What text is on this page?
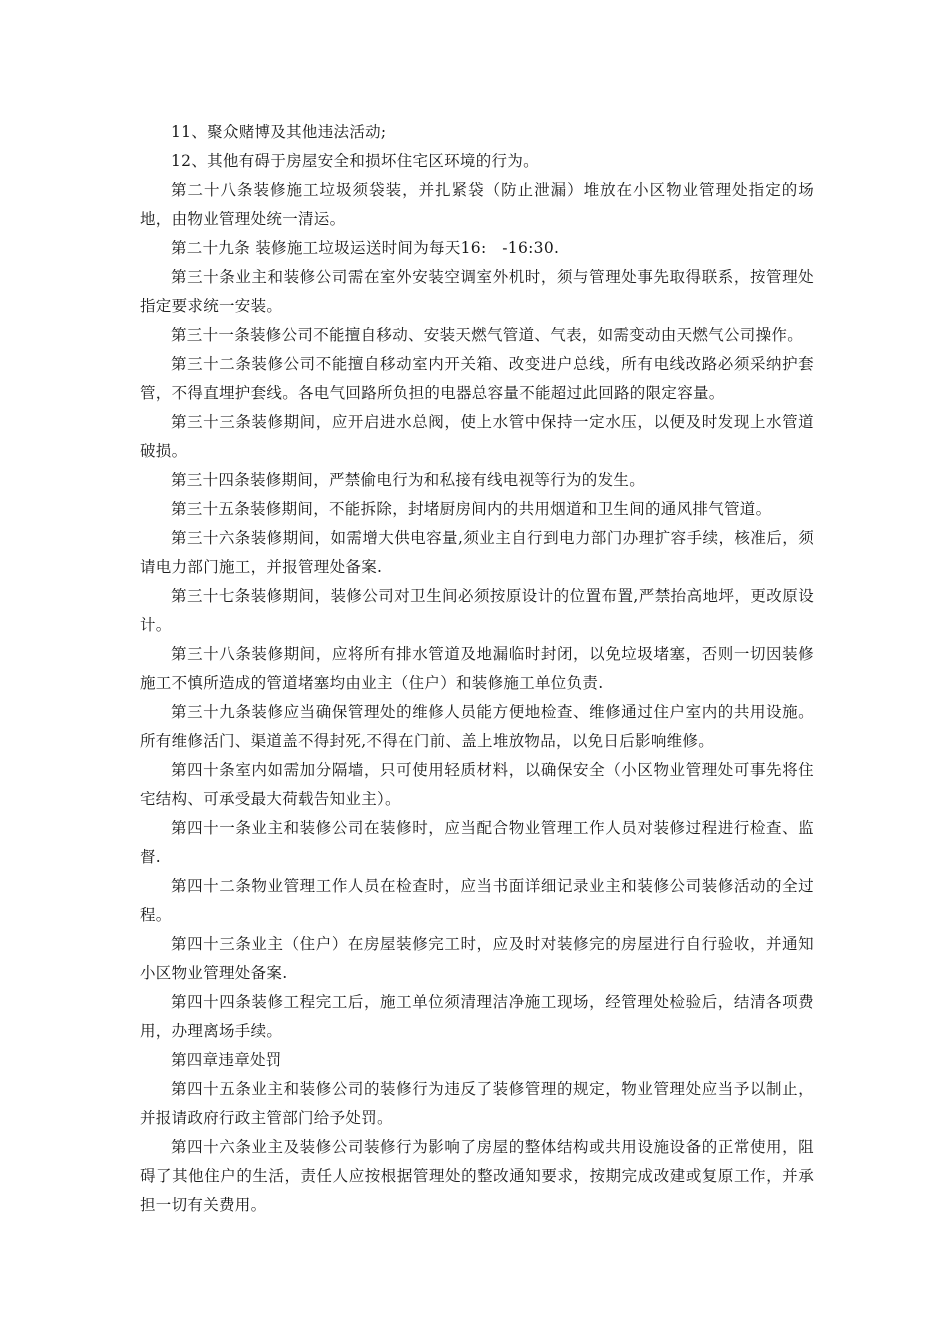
11、聚众赌博及其他违法活动;

12、其他有碍于房屋安全和损坏住宅区环境的行为。

第二十八条装修施工垃圾须袋装，并扎紧袋（防止泄漏）堆放在小区物业管理处指定的场地，由物业管理处统一清运。

第二十九条 装修施工垃圾运送时间为每天16:　-16:30.

第三十条业主和装修公司需在室外安装空调室外机时，须与管理处事先取得联系，按管理处指定要求统一安装。

第三十一条装修公司不能擅自移动、安装天燃气管道、气表，如需变动由天燃气公司操作。

第三十二条装修公司不能擅自移动室内开关箱、改变进户总线，所有电线改路必须采纳护套管，不得直埋护套线。各电气回路所负担的电器总容量不能超过此回路的限定容量。

第三十三条装修期间，应开启进水总阀，使上水管中保持一定水压，以便及时发现上水管道破损。

第三十四条装修期间，严禁偷电行为和私接有线电视等行为的发生。

第三十五条装修期间，不能拆除，封堵厨房间内的共用烟道和卫生间的通风排气管道。

第三十六条装修期间，如需增大供电容量,须业主自行到电力部门办理扩容手续，核准后，须请电力部门施工，并报管理处备案.

第三十七条装修期间，装修公司对卫生间必须按原设计的位置布置,严禁抬高地坪，更改原设计。

第三十八条装修期间，应将所有排水管道及地漏临时封闭，以免垃圾堵塞，否则一切因装修施工不慎所造成的管道堵塞均由业主（住户）和装修施工单位负责.

第三十九条装修应当确保管理处的维修人员能方便地检查、维修通过住户室内的共用设施。所有维修活门、渠道盖不得封死,不得在门前、盖上堆放物品，以免日后影响维修。

第四十条室内如需加分隔墙，只可使用轻质材料，以确保安全（小区物业管理处可事先将住宅结构、可承受最大荷载告知业主）。

第四十一条业主和装修公司在装修时，应当配合物业管理工作人员对装修过程进行检查、监督.

第四十二条物业管理工作人员在检查时，应当书面详细记录业主和装修公司装修活动的全过程。

第四十三条业主（住户）在房屋装修完工时，应及时对装修完的房屋进行自行验收，并通知小区物业管理处备案.

第四十四条装修工程完工后，施工单位须清理洁净施工现场，经管理处检验后，结清各项费用，办理离场手续。

第四章违章处罚

第四十五条业主和装修公司的装修行为违反了装修管理的规定，物业管理处应当予以制止，并报请政府行政主管部门给予处罚。

第四十六条业主及装修公司装修行为影响了房屋的整体结构或共用设施设备的正常使用，阻碍了其他住户的生活，责任人应按根据管理处的整改通知要求，按期完成改建或复原工作，并承担一切有关费用。
